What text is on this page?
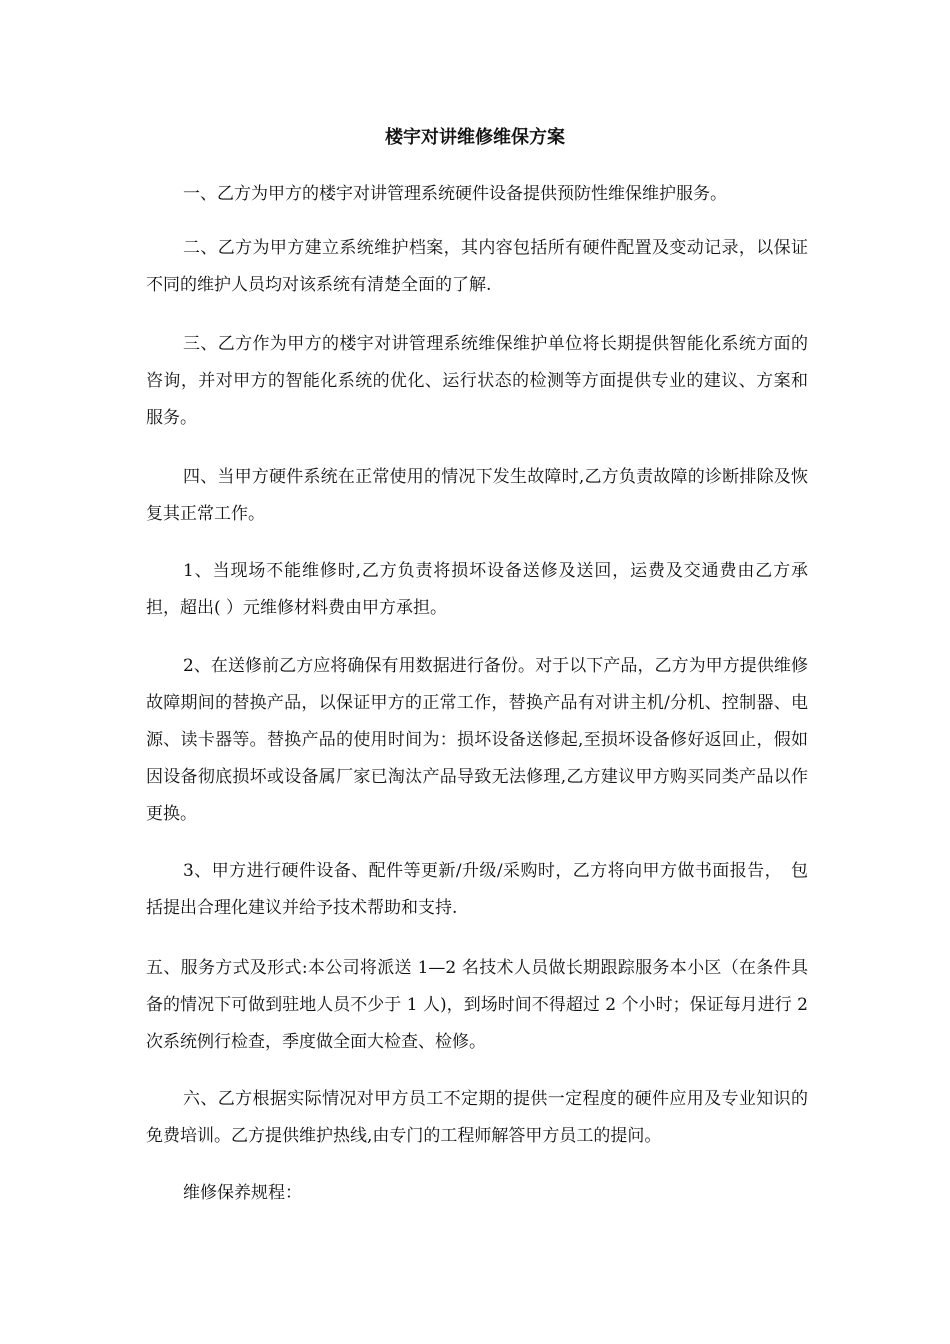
楼宇对讲维修维保方案

一、乙方为甲方的楼宇对讲管理系统硬件设备提供预防性维保维护服务。

二、乙方为甲方建立系统维护档案，其内容包括所有硬件配置及变动记录，以保证不同的维护人员均对该系统有清楚全面的了解.

三、乙方作为甲方的楼宇对讲管理系统维保维护单位将长期提供智能化系统方面的咨询，并对甲方的智能化系统的优化、运行状态的检测等方面提供专业的建议、方案和服务。

四、当甲方硬件系统在正常使用的情况下发生故障时,乙方负责故障的诊断排除及恢复其正常工作。

1、当现场不能维修时,乙方负责将损坏设备送修及送回，运费及交通费由乙方承担，超出( ）元维修材料费由甲方承担。

2、在送修前乙方应将确保有用数据进行备份。对于以下产品，乙方为甲方提供维修故障期间的替换产品，以保证甲方的正常工作，替换产品有对讲主机/分机、控制器、电源、读卡器等。替换产品的使用时间为：损坏设备送修起,至损坏设备修好返回止，假如因设备彻底损坏或设备属厂家已淘汰产品导致无法修理,乙方建议甲方购买同类产品以作更换。

3、甲方进行硬件设备、配件等更新/升级/采购时，乙方将向甲方做书面报告，　包括提出合理化建议并给予技术帮助和支持.

五、服务方式及形式:本公司将派送 1—2 名技术人员做长期跟踪服务本小区（在条件具备的情况下可做到驻地人员不少于 1 人)，到场时间不得超过 2 个小时；保证每月进行 2 次系统例行检查，季度做全面大检查、检修。

六、乙方根据实际情况对甲方员工不定期的提供一定程度的硬件应用及专业知识的免费培训。乙方提供维护热线,由专门的工程师解答甲方员工的提问。

维修保养规程：
